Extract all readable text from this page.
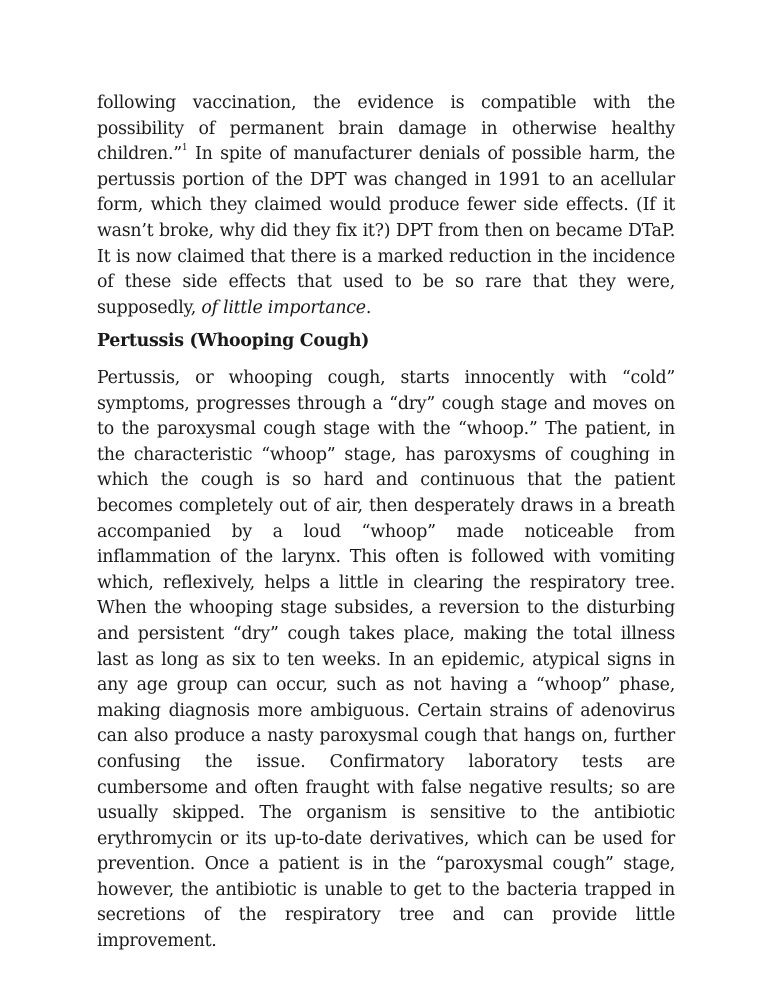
following vaccination, the evidence is compatible with the possibility of permanent brain damage in otherwise healthy children.”$^1$ In spite of manufacturer denials of possible harm, the pertussis portion of the DPT was changed in 1991 to an acellular form, which they claimed would produce fewer side effects. (If it wasn’t broke, why did they fix it?) DPT from then on became DTaP. It is now claimed that there is a marked reduction in the incidence of these side effects that used to be so rare that they were, supposedly, of little importance.

Pertussis (Whooping Cough)

Pertussis, or whooping cough, starts innocently with “cold” symptoms, progresses through a “dry” cough stage and moves on to the paroxysmal cough stage with the “whoop.” The patient, in the characteristic “whoop” stage, has paroxysms of coughing in which the cough is so hard and continuous that the patient becomes completely out of air, then desperately draws in a breath accompanied by a loud “whoop” made noticeable from inflammation of the larynx. This often is followed with vomiting which, reflexively, helps a little in clearing the respiratory tree. When the whooping stage subsides, a reversion to the disturbing and persistent “dry” cough takes place, making the total illness last as long as six to ten weeks. In an epidemic, atypical signs in any age group can occur, such as not having a “whoop” phase, making diagnosis more ambiguous. Certain strains of adenovirus can also produce a nasty paroxysmal cough that hangs on, further confusing the issue. Confirmatory laboratory tests are cumbersome and often fraught with false negative results; so are usually skipped. The organism is sensitive to the antibiotic erythromycin or its up-to-date derivatives, which can be used for prevention. Once a patient is in the “paroxysmal cough” stage, however, the antibiotic is unable to get to the bacteria trapped in secretions of the respiratory tree and can provide little improvement.
